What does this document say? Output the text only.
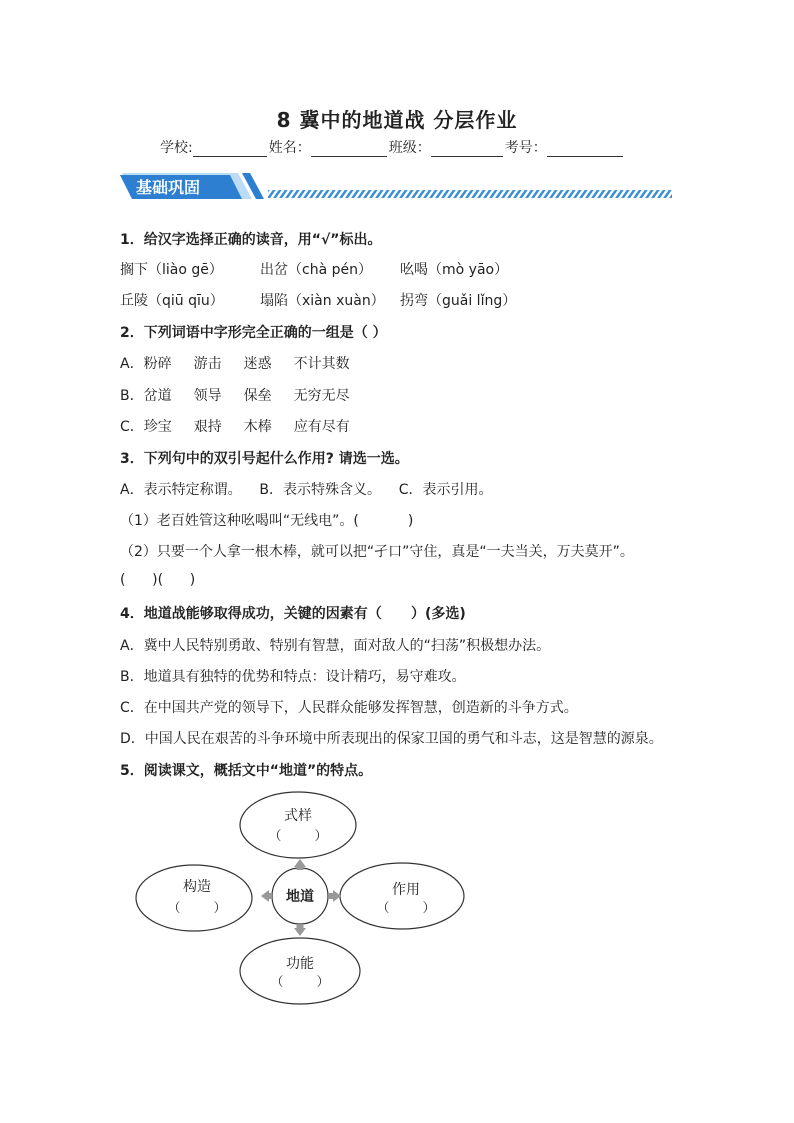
8 冀中的地道战 分层作业
学校:	姓名：	班级：	考号：
基础巩固
1．给汉字选择正确的读音，用“√”标出。
搁下（liào gē）	出岔（chà pén） 吆喝（mò yāo）
丘陵（qiū qīu）	塌陷（xiàn xuàn） 拐弯（guǎi lǐng）
2．下列词语中字形完全正确的一组是（ ）
A．粉碎 游击 迷惑 不计其数
B．岔道 领导 保垒 无穷无尽
C．珍宝 艰持 木棒 应有尽有
3．下列句中的双引号起什么作用? 请选一选。
A．表示特定称谓。    B．表示特殊含义。    C．表示引用。
（1）老百姓管这种吆喝叫“无线电”。(           )
（2）只要一个人拿一根木棒，就可以把“孑口”守住，真是“一夫当关，万夫莫开”。
(      )(      )
4．地道战能够取得成功，关键的因素有（      ）(多选)
A．冀中人民特别勇敢、特别有智慧，面对敌人的“扫荡”积极想办法。
B．地道具有独特的优势和特点：设计精巧，易守难攻。
C．在中国共产党的领导下，人民群众能够发挥智慧，创造新的斗争方式。
D．中国人民在艰苦的斗争环境中所表现出的保家卫国的勇气和斗志，这是智慧的源泉。
5．阅读课文，概括文中“地道”的特点。
式样
（        ）
构造
（        ）
作用
（        ）
功能
（        ）
地道
